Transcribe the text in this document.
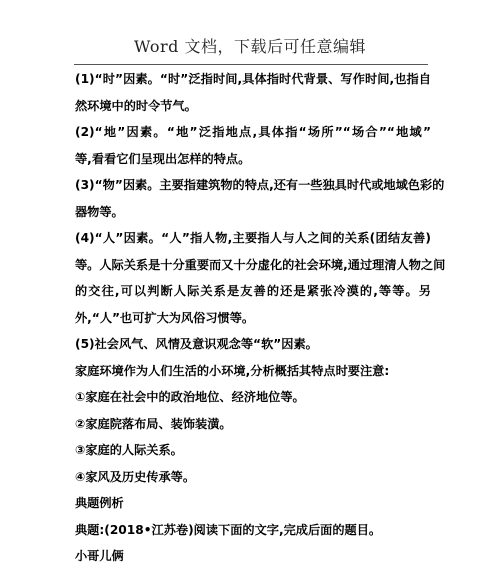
Word 文档，下载后可任意编辑
(1)“时”因素。“时”泛指时间,具体指时代背景、写作时间,也指自
然环境中的时令节气。
(2)“地”因素。“地”泛指地点,具体指“场所”“场合”“地域”
等,看看它们呈现出怎样的特点。
(3)“物”因素。主要指建筑物的特点,还有一些独具时代或地域色彩的
器物等。
(4)“人”因素。“人”指人物,主要指人与人之间的关系(团结友善)
等。人际关系是十分重要而又十分虚化的社会环境,通过理清人物之间
的交往,可以判断人际关系是友善的还是紧张冷漠的,等等。另
外,“人”也可扩大为风俗习惯等。
(5)社会风气、风情及意识观念等“软”因素。
家庭环境作为人们生活的小环境,分析概括其特点时要注意:
①家庭在社会中的政治地位、经济地位等。
②家庭院落布局、装饰装潢。
③家庭的人际关系。
④家风及历史传承等。
典题例析
典题:(2018•江苏卷)阅读下面的文字,完成后面的题目。
小哥儿俩
